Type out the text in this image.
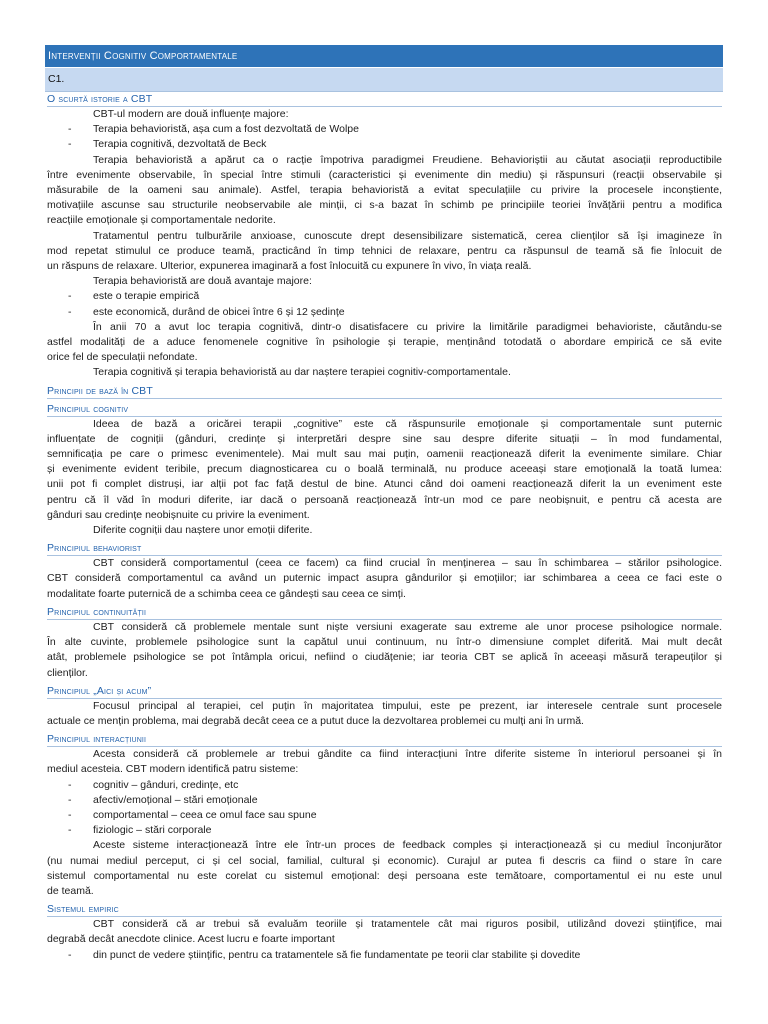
Intervenții Cognitiv Comportamentale
C1.
O scurtă istorie a CBT
CBT-ul modern are două influențe majore:
- Terapia behavioristă, așa cum a fost dezvoltată de Wolpe
- Terapia cognitivă, dezvoltată de Beck
Terapia behavioristă a apărut ca o racție împotriva paradigmei Freudiene. Behavioriștii au căutat asociații reproductibile
între evenimente observabile, în special între stimuli (caracteristici și evenimente din mediu) și răspunsuri (reacții observabile și
măsurabile de la oameni sau animale). Astfel, terapia behavioristă a evitat speculațiile cu privire la procesele inconștiente,
motivațiile ascunse sau structurile neobservabile ale minții, ci s-a bazat în schimb pe principiile teoriei învățării pentru a modifica
reacțiile emoționale și comportamentale nedorite.
Tratamentul pentru tulburările anxioase, cunoscute drept desensibilizare sistematică, cerea clienților să își imagineze în
mod repetat stimulul ce produce teamă, practicând în timp tehnici de relaxare, pentru ca răspunsul de teamă să fie înlocuit de
un răspuns de relaxare. Ulterior, expunerea imaginară a fost înlocuită cu expunere în vivo, în viața reală.
Terapia behavioristă are două avantaje majore:
- este o terapie empirică
- este economică, durând de obicei între 6 și 12 ședințe
În anii 70 a avut loc terapia cognitivă, dintr-o disatisfacere cu privire la limitările paradigmei behavioriste, căutându-se
astfel modalități de a aduce fenomenele cognitive în psihologie și terapie, menținând totodată o abordare empirică ce să evite
orice fel de speculații nefondate.
Terapia cognitivă și terapia behavioristă au dar naștere terapiei cognitiv-comportamentale.
Principii de bază în CBT
Principiul cognitiv
Ideea de bază a oricărei terapii „cognitive” este că răspunsurile emoționale și comportamentale sunt puternic
influențate de cogniții (gânduri, credințe și interpretări despre sine sau despre diferite situații – în mod fundamental,
semnificația pe care o primesc evenimentele). Mai mult sau mai puțin, oamenii reacționează diferit la evenimente similare. Chiar
și evenimente evident teribile, precum diagnosticarea cu o boală terminală, nu produce aceeași stare emoțională la toată lumea:
unii pot fi complet distruși, iar alții pot fac față destul de bine. Atunci când doi oameni reacționează diferit la un eveniment este
pentru că îl văd în moduri diferite, iar dacă o persoană reacționează într-un mod ce pare neobișnuit, e pentru că acesta are
gânduri sau credințe neobișnuite cu privire la eveniment.
Diferite cogniții dau naștere unor emoții diferite.
Principiul behaviorist
CBT consideră comportamentul (ceea ce facem) ca fiind crucial în menținerea – sau în schimbarea – stărilor psihologice.
CBT consideră comportamentul ca având un puternic impact asupra gândurilor și emoțiilor; iar schimbarea a ceea ce faci este o
modalitate foarte puternică de a schimba ceea ce gândești sau ceea ce simți.
Principiul continuității
CBT consideră că problemele mentale sunt niște versiuni exagerate sau extreme ale unor procese psihologice normale.
În alte cuvinte, problemele psihologice sunt la capătul unui continuum, nu într-o dimensiune complet diferită. Mai mult decât
atât, problemele psihologice se pot întâmpla oricui, nefiind o ciudățenie; iar teoria CBT se aplică în aceeași măsură terapeuților și
clienților.
Principiul „Aici și acum”
Focusul principal al terapiei, cel puțin în majoritatea timpului, este pe prezent, iar interesele centrale sunt procesele
actuale ce mențin problema, mai degrabă decât ceea ce a putut duce la dezvoltarea problemei cu mulți ani în urmă.
Principiul interacțiunii
Acesta consideră că problemele ar trebui gândite ca fiind interacțiuni între diferite sisteme în interiorul persoanei și în
mediul acesteia. CBT modern identifică patru sisteme:
- cognitiv – gânduri, credințe, etc
- afectiv/emoțional – stări emoționale
- comportamental – ceea ce omul face sau spune
- fiziologic – stări corporale
Aceste sisteme interacționează între ele într-un proces de feedback comples și interacționează și cu mediul înconjurător
(nu numai mediul perceput, ci și cel social, familial, cultural și economic). Curajul ar putea fi descris ca fiind o stare în care
sistemul comportamental nu este corelat cu sistemul emoțional: deși persoana este temătoare, comportamentul ei nu este unul
de teamă.
Sistemul empiric
CBT consideră că ar trebui să evaluăm teoriile și tratamentele cât mai riguros posibil, utilizând dovezi științifice, mai
degrabă decât anecdote clinice. Acest lucru e foarte important
- din punct de vedere științific, pentru ca tratamentele să fie fundamentate pe teorii clar stabilite și dovedite
